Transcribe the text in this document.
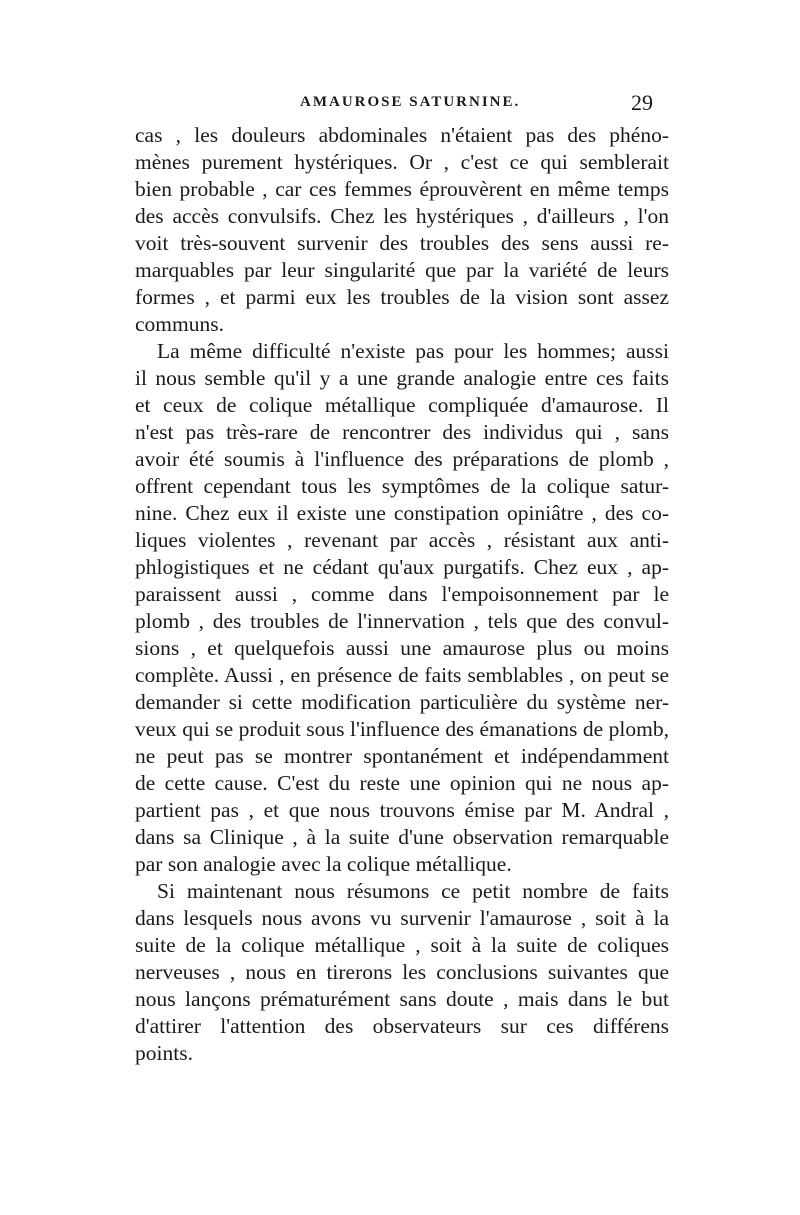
AMAUROSE SATURNINE.	29
cas , les douleurs abdominales n'étaient pas des phéno-
mènes purement hystériques. Or , c'est ce qui semblerait
bien probable , car ces femmes éprouvèrent en même temps
des accès convulsifs. Chez les hystériques , d'ailleurs , l'on
voit très-souvent survenir des troubles des sens aussi re-
marquables par leur singularité que par la variété de leurs
formes , et parmi eux les troubles de la vision sont assez
communs.
La même difficulté n'existe pas pour les hommes; aussi
il nous semble qu'il y a une grande analogie entre ces faits
et ceux de colique métallique compliquée d'amaurose. Il
n'est pas très-rare de rencontrer des individus qui , sans
avoir été soumis à l'influence des préparations de plomb ,
offrent cependant tous les symptômes de la colique satur-
nine. Chez eux il existe une constipation opiniâtre , des co-
liques violentes , revenant par accès , résistant aux anti-
phlogistiques et ne cédant qu'aux purgatifs. Chez eux , ap-
paraissent aussi , comme dans l'empoisonnement par le
plomb , des troubles de l'innervation , tels que des convul-
sions , et quelquefois aussi une amaurose plus ou moins
complète. Aussi , en présence de faits semblables , on peut se
demander si cette modification particulière du système ner-
veux qui se produit sous l'influence des émanations de plomb,
ne peut pas se montrer spontanément et indépendamment
de cette cause. C'est du reste une opinion qui ne nous ap-
partient pas , et que nous trouvons émise par M. Andral ,
dans sa Clinique , à la suite d'une observation remarquable
par son analogie avec la colique métallique.
Si maintenant nous résumons ce petit nombre de faits
dans lesquels nous avons vu survenir l'amaurose , soit à la
suite de la colique métallique , soit à la suite de coliques
nerveuses , nous en tirerons les conclusions suivantes que
nous lançons prématurément sans doute , mais dans le but
d'attirer l'attention des observateurs sur ces différens
points.
